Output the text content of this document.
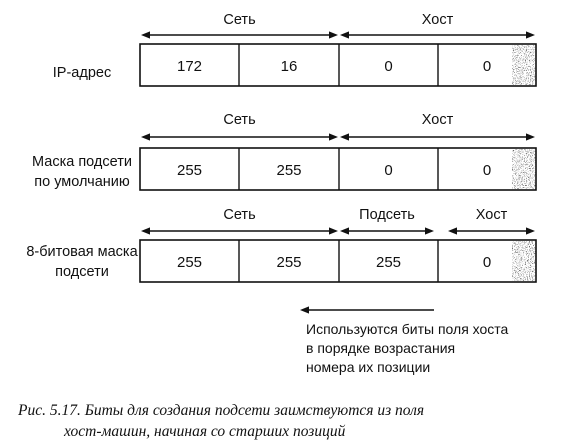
IP-адрес	172	16	0	0
Сеть	Хост
Маска подсети
по умолчанию
255	255	0	0
Сеть	Хост
8-битовая маска
подсети
255	255	255	0
Сеть	Подсеть	Хост
Используются биты поля хоста
в порядке возрастания
номера их позиции
Рис. 5.17. Биты для создания подсети заимствуются из поля
хост-машин, начиная со старших позиций
